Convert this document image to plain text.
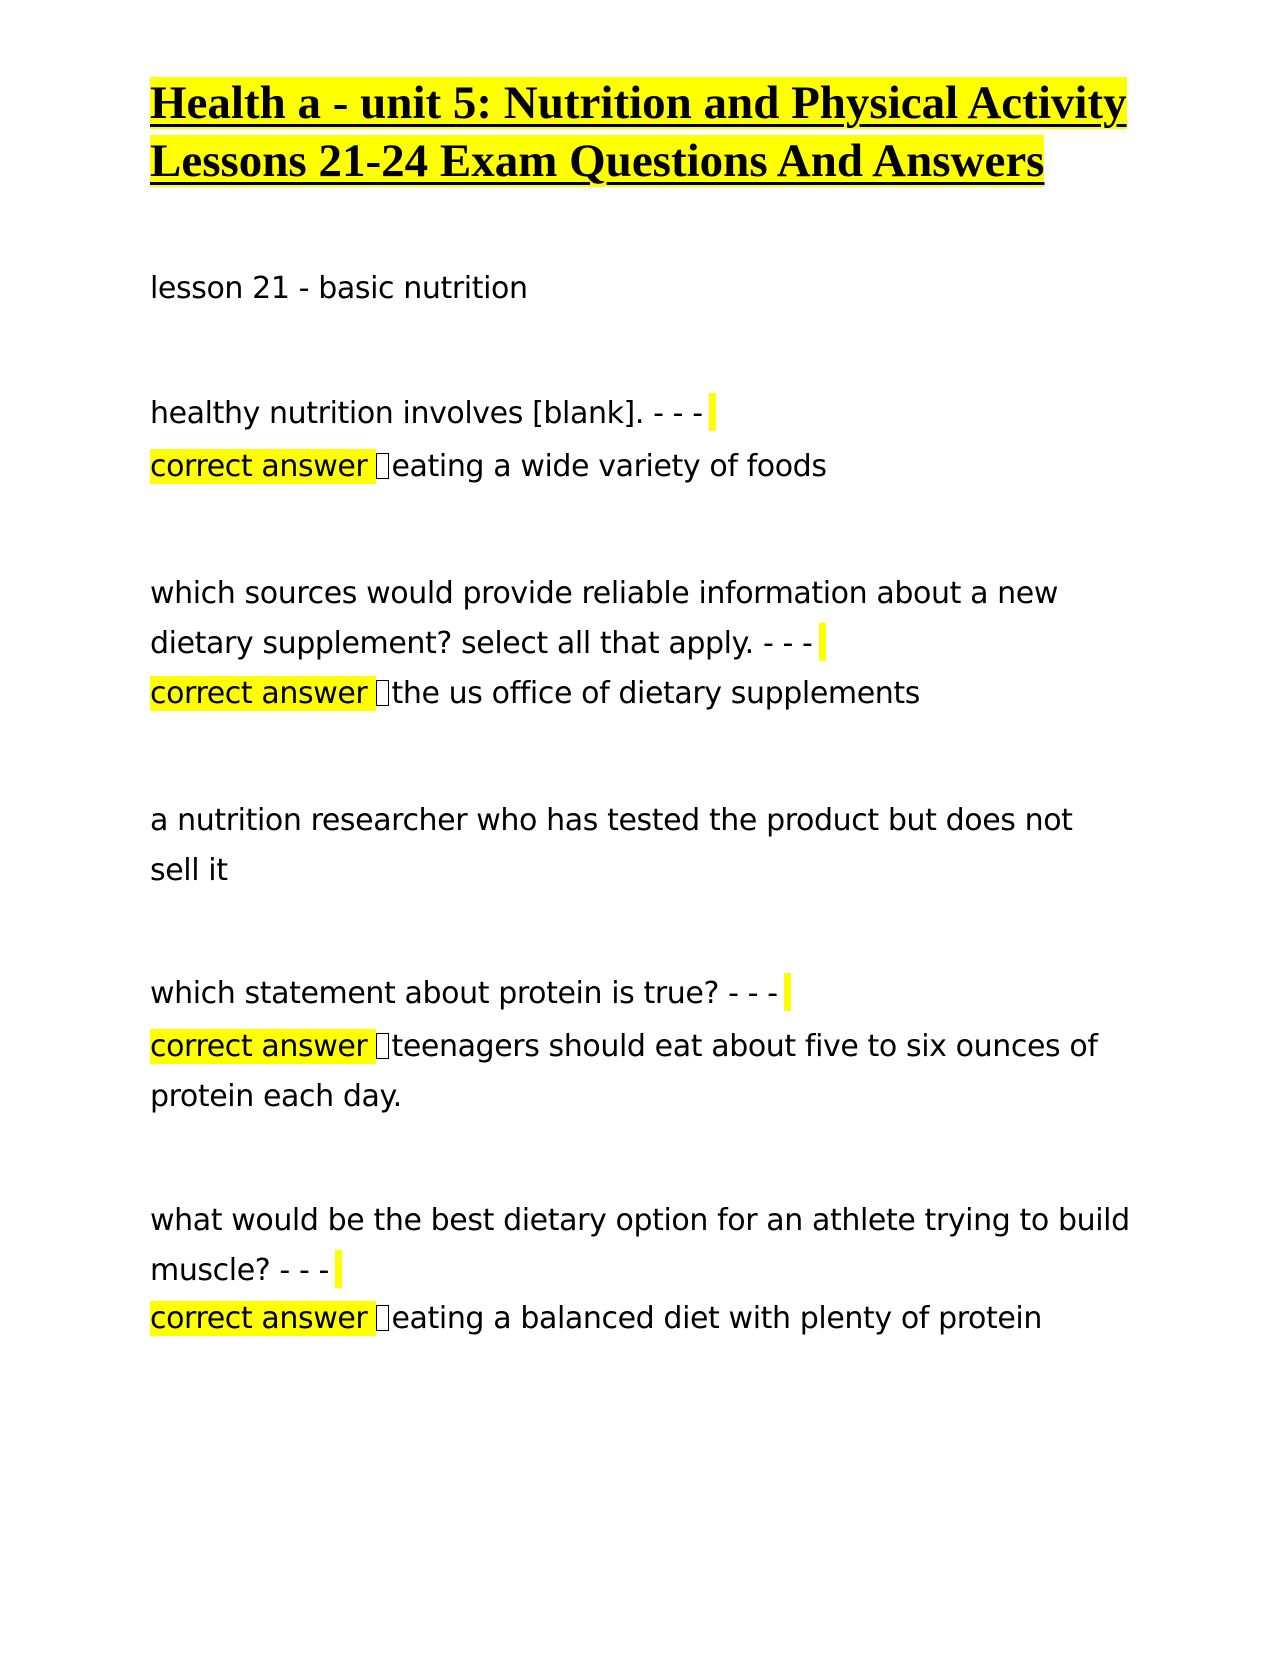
Health a - unit 5: Nutrition and Physical Activity Lessons 21-24 Exam Questions And Answers

lesson 21 - basic nutrition

healthy nutrition involves [blank]. - - -

correct answer eating a wide variety of foods

which sources would provide reliable information about a new dietary supplement? select all that apply. - - -

correct answer the us office of dietary supplements

a nutrition researcher who has tested the product but does not sell it

which statement about protein is true? - - -

correct answer teenagers should eat about five to six ounces of protein each day.

what would be the best dietary option for an athlete trying to build muscle? - - -

correct answer eating a balanced diet with plenty of protein
